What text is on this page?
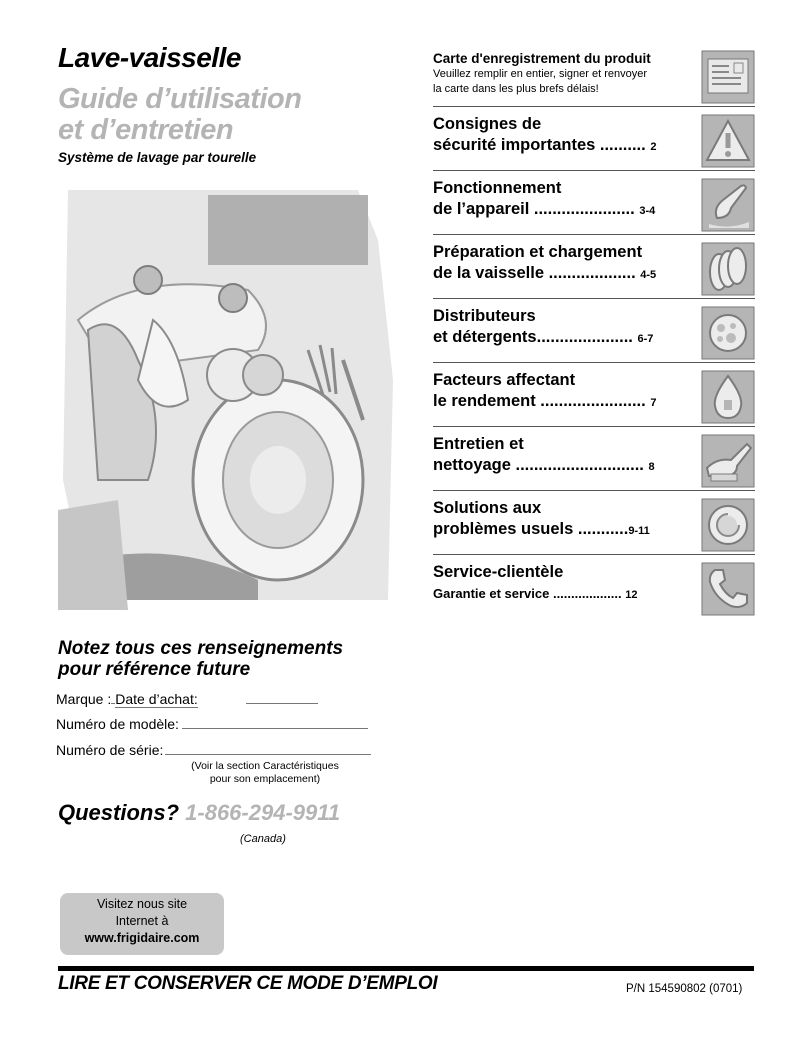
Lave-vaisselle
Guide d’utilisation
et d’entretien
Système de lavage par tourelle
Carte d'enregistrement du produit
Veuillez remplir en entier, signer et renvoyer
la carte dans les plus brefs délais!
Consignes de
sécurité importantes .......... 2
Fonctionnement
de l’appareil ...................... 3-4
Préparation et chargement
de la vaisselle ................... 4-5
Distributeurs
et détergents..................... 6-7
Facteurs affectant
le rendement ....................... 7
Entretien et
nettoyage ............................ 8
Solutions aux
problèmes usuels ...........9-11
Service-clientèle
Garantie et service ................... 12
Notez tous ces renseignements
pour référence future
Marque : Date d’achat:
Numéro de modèle:
Numéro de série:
(Voir la section Caractéristiques
pour son emplacement)
Questions? 1-866-294-9911
(Canada)
Visitez nous site
Internet à
www.frigidaire.com
LIRE ET CONSERVER CE MODE D’EMPLOI	P/N 154590802 (0701)
